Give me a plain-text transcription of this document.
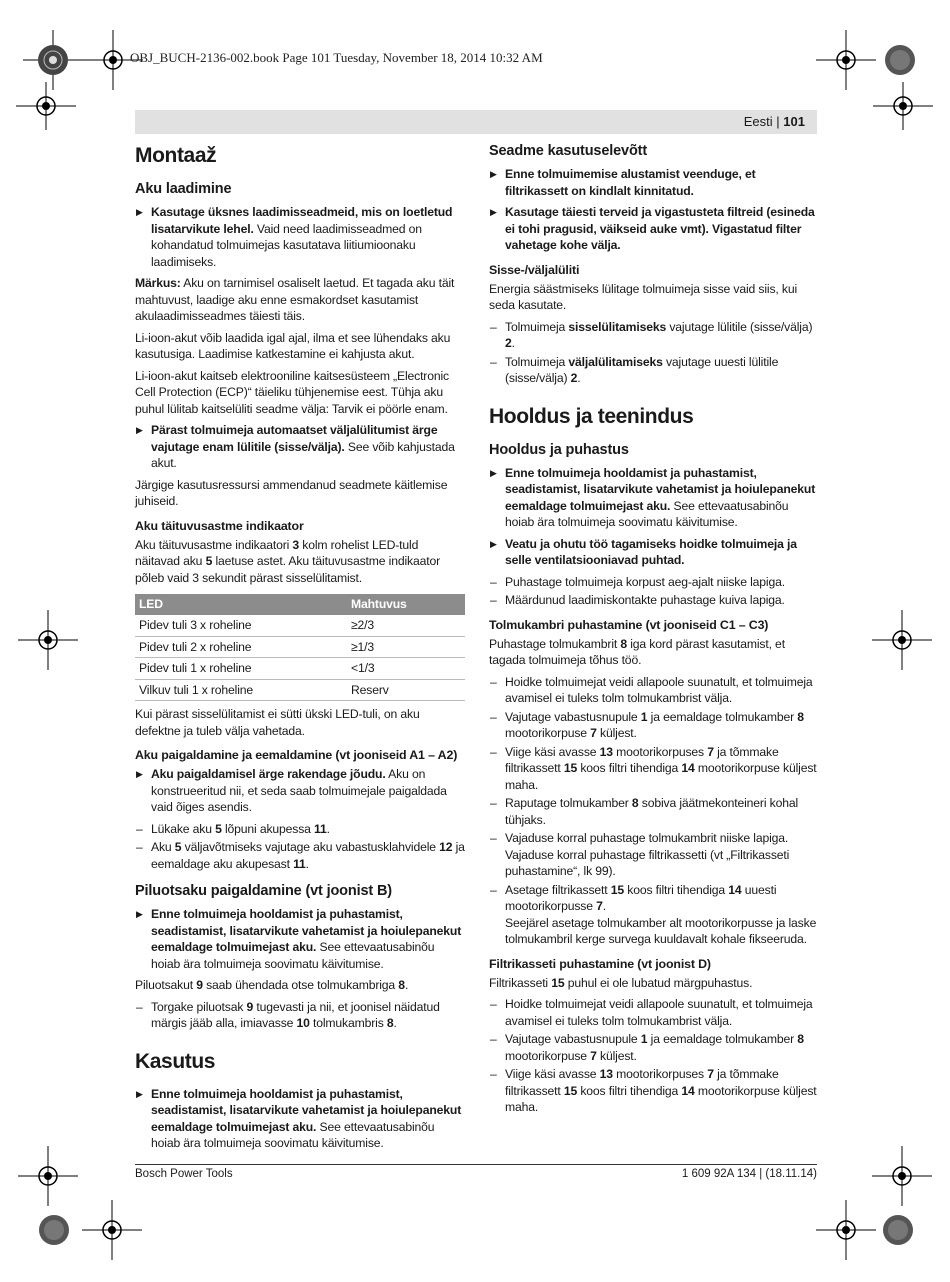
OBJ_BUCH-2136-002.book Page 101 Tuesday, November 18, 2014 10:32 AM
Eesti | 101
Montaaž
Aku laadimine
▶ Kasutage üksnes laadimisseadmeid, mis on loetletud lisatarvikute lehel. Vaid need laadimisseadmed on kohandatud tolmuimejas kasutatava liitiumioonaku laadimiseks.

Märkus: Aku on tarnimisel osaliselt laetud. Et tagada aku täit mahtuvust, laadige aku enne esmakordset kasutamist akulaadimisseadmes täiesti täis.

Li-ioon-akut võib laadida igal ajal, ilma et see lühendaks aku kasutusiga. Laadimise katkestamine ei kahjusta akut.

Li-ioon-akut kaitseb elektrooniline kaitsesüsteem „Electronic Cell Protection (ECP)“ täieliku tühjenemise eest. Tühja aku puhul lülitab kaitselüliti seadme välja: Tarvik ei pöörle enam.

▶ Pärast tolmuimeja automaatset väljalülitumist ärge vajutage enam lülitile (sisse/välja). See võib kahjustada akut.

Järgige kasutusressursi ammendanud seadmete käitlemise juhiseid.

Aku täituvusastme indikaator

Aku täituvusastme indikaatori 3 kolm rohelist LED-tuld näitavad aku 5 laetuse astet. Aku täituvusastme indikaator põleb vaid 3 sekundit pärast sisselülitamist.

LED	Mahtuvus
Pidev tuli 3 x roheline	≥2/3
Pidev tuli 2 x roheline	≥1/3
Pidev tuli 1 x roheline	<1/3
Vilkuv tuli 1 x roheline	Reserv

Kui pärast sisselülitamist ei sütti ükski LED-tuli, on aku defektne ja tuleb välja vahetada.

Aku paigaldamine ja eemaldamine (vt jooniseid A1 – A2)
▶ Aku paigaldamisel ärge rakendage jõudu. Aku on konstrueeritud nii, et seda saab tolmuimejale paigaldada vaid õiges asendis.
– Lükake aku 5 lõpuni akupessa 11.
– Aku 5 väljavõtmiseks vajutage aku vabastusklahvidele 12 ja eemaldage aku akupesast 11.
Piluotsaku paigaldamine (vt joonist B)
▶ Enne tolmuimeja hooldamist ja puhastamist, seadistamist, lisatarvikute vahetamist ja hoiulepanekut eemaldage tolmuimejast aku. See ettevaatusabinõu hoiab ära tolmuimeja soovimatu käivitumise.

Piluotsakut 9 saab ühendada otse tolmukambriga 8.

– Torgake piluotsak 9 tugevasti ja nii, et joonisel näidatud märgis jääb alla, imiavasse 10 tolmukambris 8.
Kasutus
▶ Enne tolmuimeja hooldamist ja puhastamist, seadistamist, lisatarvikute vahetamist ja hoiulepanekut eemaldage tolmuimejast aku. See ettevaatusabinõu hoiab ära tolmuimeja soovimatu käivitumise.
Seadme kasutuselevõtt
▶ Enne tolmuimemise alustamist veenduge, et filtrikassett on kindlalt kinnitatud.
▶ Kasutage täiesti terveid ja vigastusteta filtreid (esineda ei tohi pragusid, väikseid auke vmt). Vigastatud filter vahetage kohe välja.
Sisse-/väljalüliti

Energia säästmiseks lülitage tolmuimeja sisse vaid siis, kui seda kasutate.

– Tolmuimeja sisselülitamiseks vajutage lülitile (sisse/välja) 2.
– Tolmuimeja väljalülitamiseks vajutage uuesti lülitile (sisse/välja) 2.
Hooldus ja teenindus
Hooldus ja puhastus
▶ Enne tolmuimeja hooldamist ja puhastamist, seadistamist, lisatarvikute vahetamist ja hoiulepanekut eemaldage tolmuimejast aku. See ettevaatusabinõu hoiab ära tolmuimeja soovimatu käivitumise.
▶ Veatu ja ohutu töö tagamiseks hoidke tolmuimeja ja selle ventilatsiooniavad puhtad.
– Puhastage tolmuimeja korpust aeg-ajalt niiske lapiga.
– Määrdunud laadimiskontakte puhastage kuiva lapiga.
Tolmukambri puhastamine (vt jooniseid C1 – C3)

Puhastage tolmukambrit 8 iga kord pärast kasutamist, et tagada tolmuimeja tõhus töö.

– Hoidke tolmuimejat veidi allapoole suunatult, et tolmuimeja avamisel ei tuleks tolm tolmukambrist välja.
– Vajutage vabastusnupule 1 ja eemaldage tolmukamber 8 mootorikorpuse 7 küljest.
– Viige käsi avasse 13 mootorikorpuses 7 ja tõmmake filtrikassett 15 koos filtri tihendiga 14 mootorikorpuse küljest maha.
– Raputage tolmukamber 8 sobiva jäätmekonteineri kohal tühjaks.
– Vajaduse korral puhastage tolmukambrit niiske lapiga.
Vajaduse korral puhastage filtrikassetti (vt „Filtrikasseti puhastamine“, lk 99).
– Asetage filtrikassett 15 koos filtri tihendiga 14 uuesti mootorikorpusse 7.
Seejärel asetage tolmukamber alt mootorikorpusse ja laske tolmukambril kerge survega kuuldavalt kohale fikseeruda.
Filtrikasseti puhastamine (vt joonist D)

Filtrikasseti 15 puhul ei ole lubatud märgpuhastus.

– Hoidke tolmuimejat veidi allapoole suunatult, et tolmuimeja avamisel ei tuleks tolm tolmukambrist välja.
– Vajutage vabastusnupule 1 ja eemaldage tolmukamber 8 mootorikorpuse 7 küljest.
– Viige käsi avasse 13 mootorikorpuses 7 ja tõmmake filtrikassett 15 koos filtri tihendiga 14 mootorikorpuse küljest maha.
Bosch Power Tools	1 609 92A 134 | (18.11.14)
